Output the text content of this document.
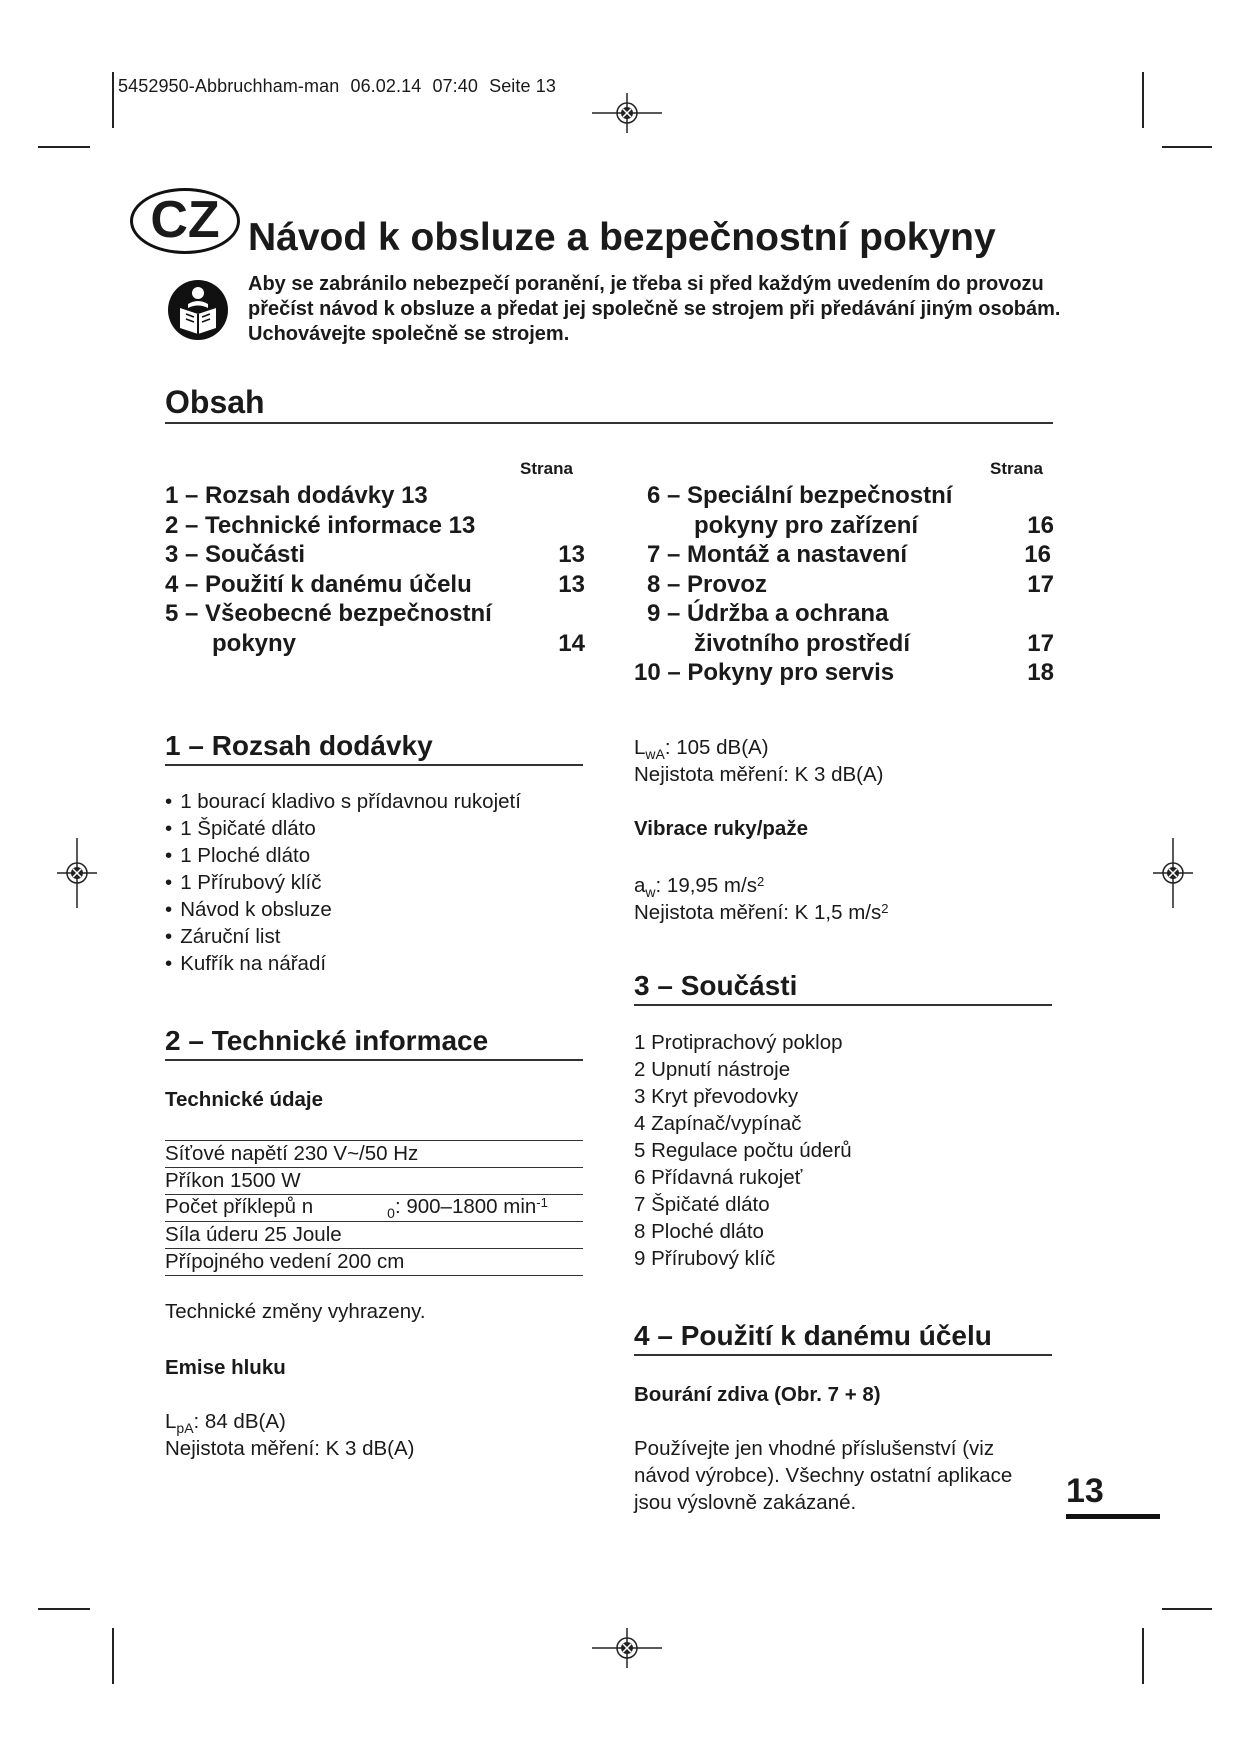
5452950-Abbruchham-man 06.02.14 07:40 Seite 13
CZ Návod k obsluze a bezpečnostní pokyny
Aby se zabránilo nebezpečí poranění, je třeba si před každým uvedením do provozu přečíst návod k obsluze a předat jej společně se strojem při předávání jiným osobám. Uchovávejte společně se strojem.
Obsah
Strana	Strana
1 – Rozsah dodávky 13
2 – Technické informace 13
3 – Součásti	13
4 – Použití k danému účelu	13
5 – Všeobecné bezpečnostní
pokyny	14
6 – Speciální bezpečnostní
pokyny pro zařízení	16
7 – Montáž a nastavení	16
8 – Provoz	17
9 – Údržba a ochrana
životního prostředí	17
10 – Pokyny pro servis	18
1 – Rozsah dodávky
• 1 bourací kladivo s přídavnou rukojetí
• 1 Špičaté dláto
• 1 Ploché dláto
• 1 Přírubový klíč
• Návod k obsluze
• Záruční list
• Kufřík na nářadí
2 – Technické informace
Technické údaje
Síťové napětí 230 V~/50 Hz
Příkon 1500 W
Počet příklepů n	$_0$: 900–1800 $\min^{-1}$
Síla úderu 25 Joule
Přípojného vedení 200 cm
Technické změny vyhrazeny.
Emise hluku
$L_{pA}$: 84 dB(A)
Nejistota měření: K 3 dB(A)
$L_{wA}$: 105 dB(A)
Nejistota měření: K 3 dB(A)
Vibrace ruky/paže
$a_w$: 19,95 $m/s^2$
Nejistota měření: K 1,5 $m/s^2$
3 – Součásti
1 Protiprachový poklop
2 Upnutí nástroje
3 Kryt převodovky
4 Zapínač/vypínač
5 Regulace počtu úderů
6 Přídavná rukojeť
7 Špičaté dláto
8 Ploché dláto
9 Přírubový klíč
4 – Použití k danému účelu
Bourání zdiva (Obr. 7 + 8)
Používejte jen vhodné příslušenství (viz návod výrobce). Všechny ostatní aplikace jsou výslovně zakázané.	13
